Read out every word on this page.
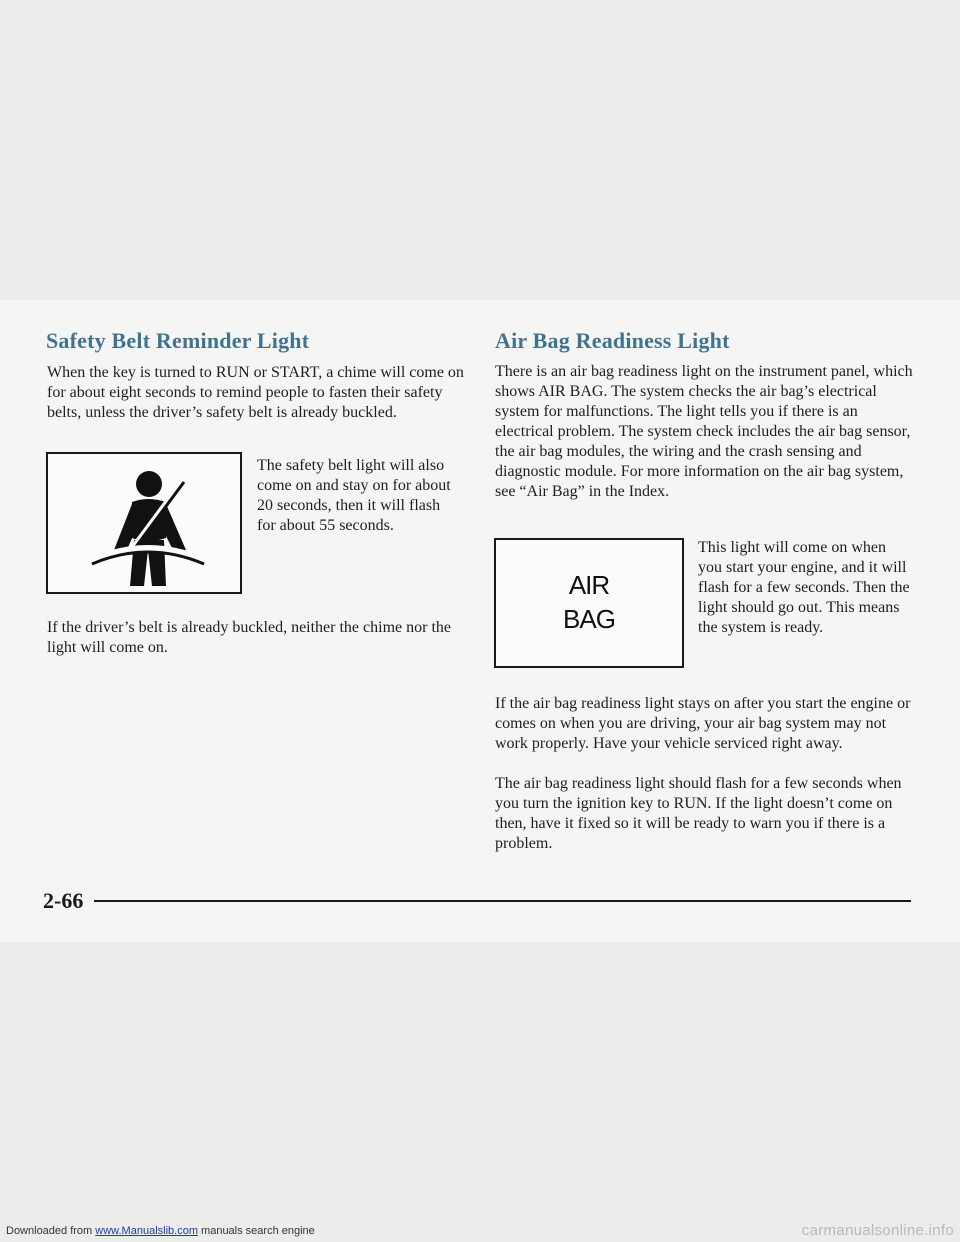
Safety Belt Reminder Light

When the key is turned to RUN or START, a chime will come on for about eight seconds to remind people to fasten their safety belts, unless the driver’s safety belt is already buckled.

The safety belt light will also come on and stay on for about 20 seconds, then it will flash for about 55 seconds.

If the driver’s belt is already buckled, neither the chime nor the light will come on.

Air Bag Readiness Light

There is an air bag readiness light on the instrument panel, which shows AIR BAG. The system checks the air bag’s electrical system for malfunctions. The light tells you if there is an electrical problem. The system check includes the air bag sensor, the air bag modules, the wiring and the crash sensing and diagnostic module. For more information on the air bag system, see “Air Bag” in the Index.

AIR
BAG

This light will come on when you start your engine, and it will flash for a few seconds. Then the light should go out. This means the system is ready.

If the air bag readiness light stays on after you start the engine or comes on when you are driving, your air bag system may not work properly. Have your vehicle serviced right away.

The air bag readiness light should flash for a few seconds when you turn the ignition key to RUN. If the light doesn’t come on then, have it fixed so it will be ready to warn you if there is a problem.

2-66

Downloaded from www.Manualslib.com manuals search engine	carmanualsonline.info
